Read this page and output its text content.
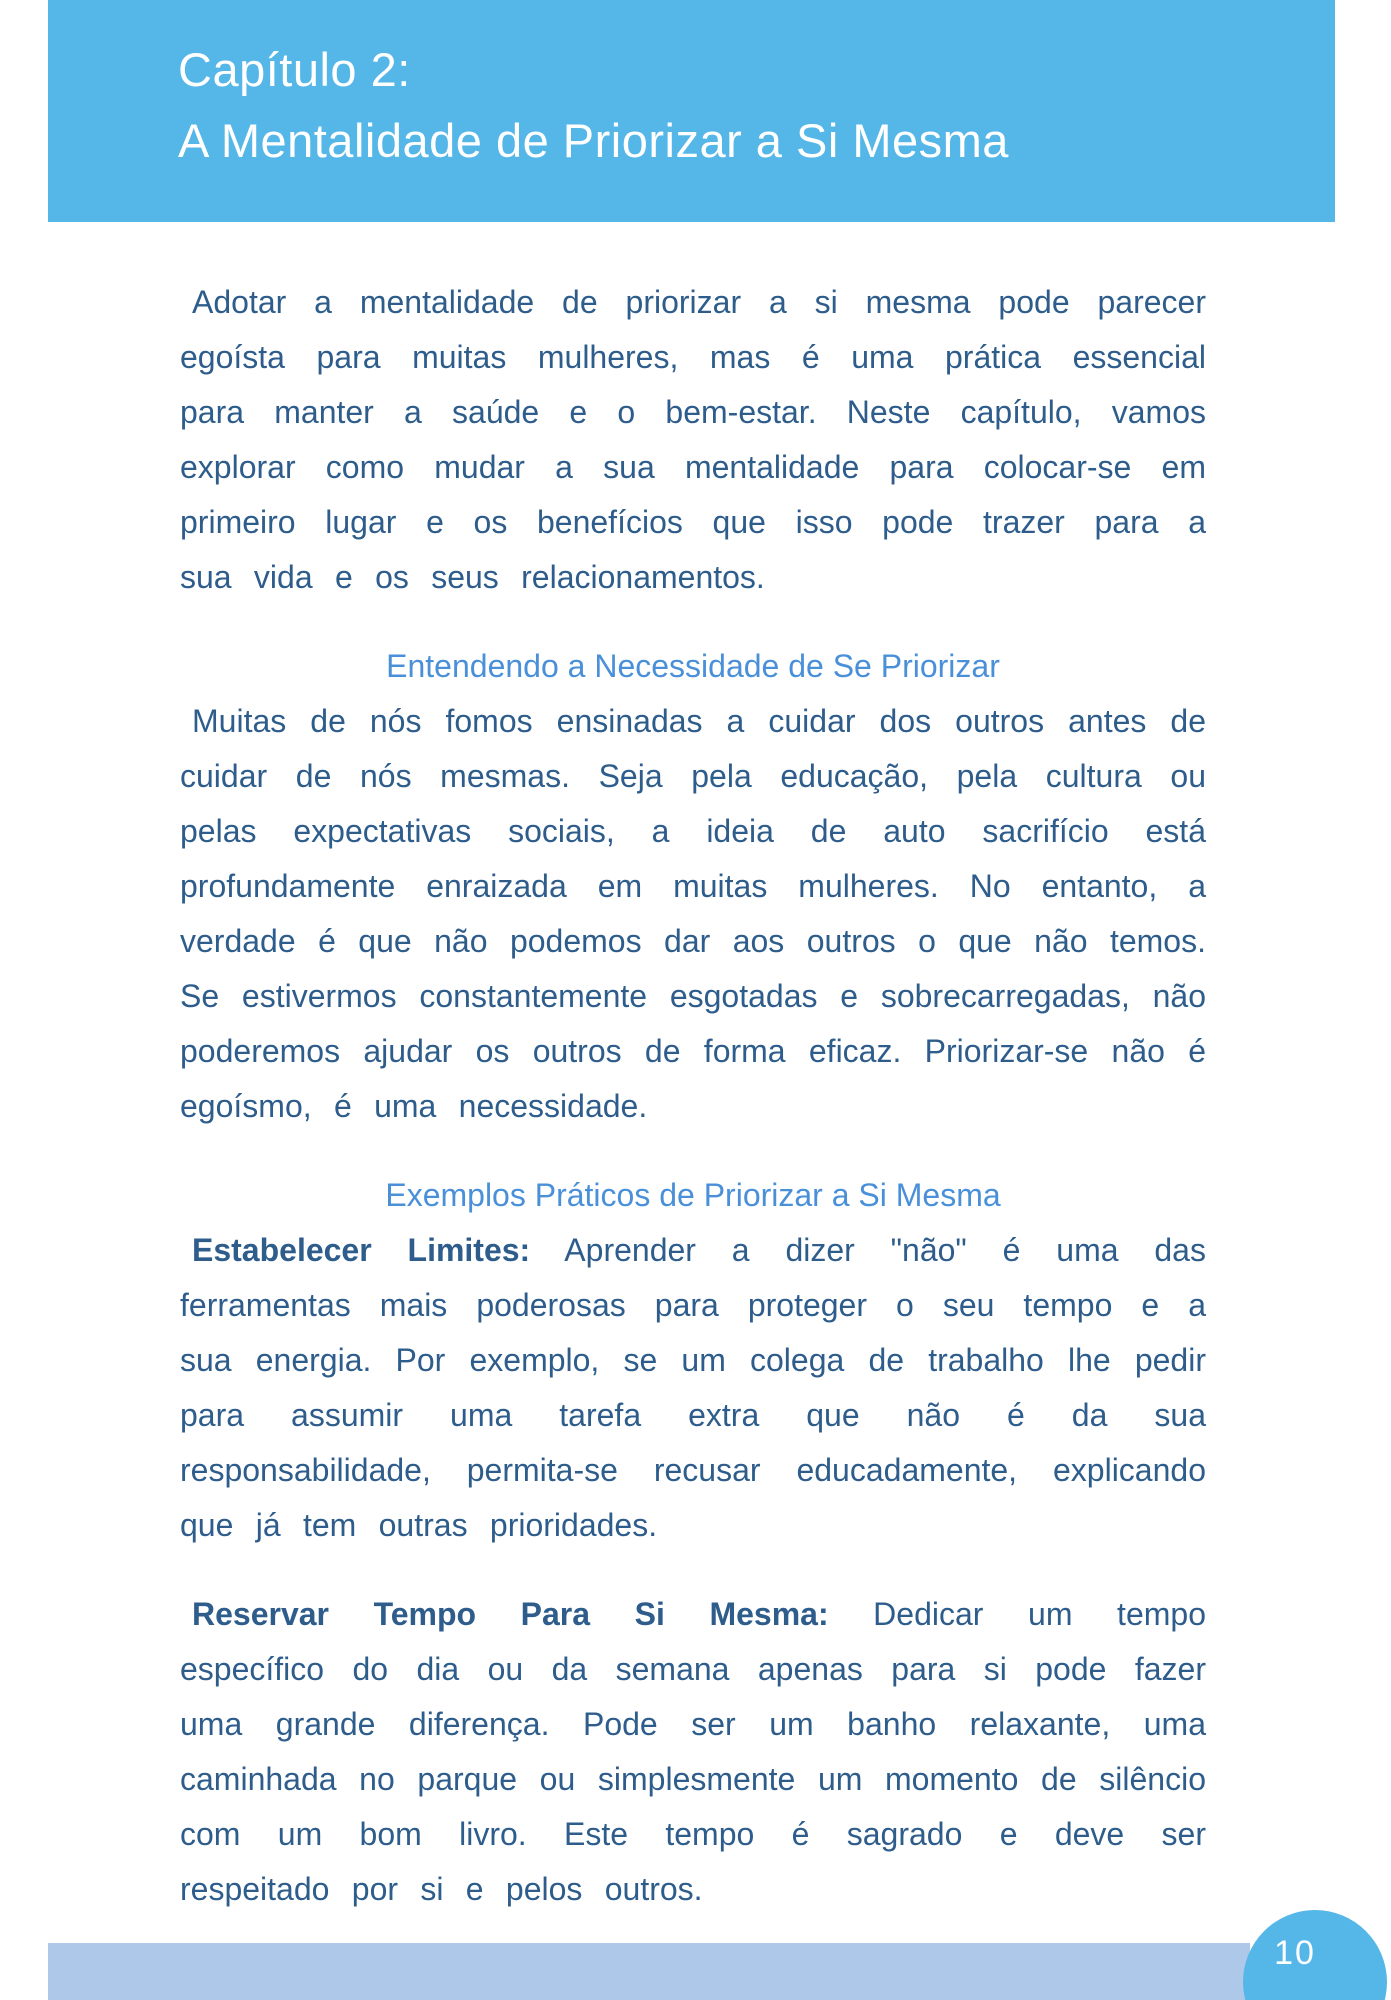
Capítulo 2:
A Mentalidade de Priorizar a Si Mesma

Adotar a mentalidade de priorizar a si mesma pode parecer egoísta para muitas mulheres, mas é uma prática essencial para manter a saúde e o bem-estar. Neste capítulo, vamos explorar como mudar a sua mentalidade para colocar-se em primeiro lugar e os benefícios que isso pode trazer para a sua vida e os seus relacionamentos.

Entendendo a Necessidade de Se Priorizar

Muitas de nós fomos ensinadas a cuidar dos outros antes de cuidar de nós mesmas. Seja pela educação, pela cultura ou pelas expectativas sociais, a ideia de auto sacrifício está profundamente enraizada em muitas mulheres. No entanto, a verdade é que não podemos dar aos outros o que não temos. Se estivermos constantemente esgotadas e sobrecarregadas, não poderemos ajudar os outros de forma eficaz. Priorizar-se não é egoísmo, é uma necessidade.

Exemplos Práticos de Priorizar a Si Mesma

Estabelecer Limites: Aprender a dizer "não" é uma das ferramentas mais poderosas para proteger o seu tempo e a sua energia. Por exemplo, se um colega de trabalho lhe pedir para assumir uma tarefa extra que não é da sua responsabilidade, permita-se recusar educadamente, explicando que já tem outras prioridades.

Reservar Tempo Para Si Mesma: Dedicar um tempo específico do dia ou da semana apenas para si pode fazer uma grande diferença. Pode ser um banho relaxante, uma caminhada no parque ou simplesmente um momento de silêncio com um bom livro. Este tempo é sagrado e deve ser respeitado por si e pelos outros.

10
